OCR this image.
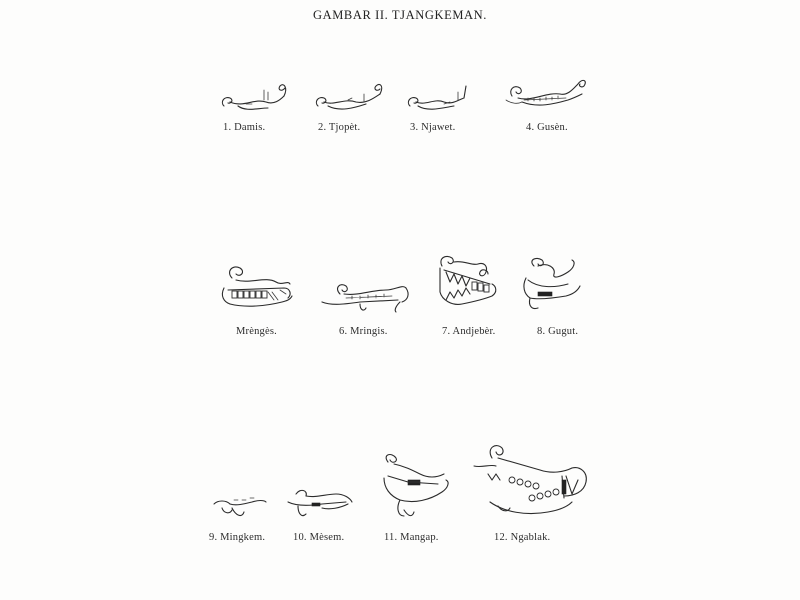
GAMBAR II. TJANGKEMAN.
1. Damis.	2. Tjopèt.	3. Njawet.	4. Gusèn.
Mrèngès.	6. Mringis.	7. Andjebèr.	8. Gugut.
9. Mingkem.	10. Mèsem.	11. Mangap.	12. Ngablak.
